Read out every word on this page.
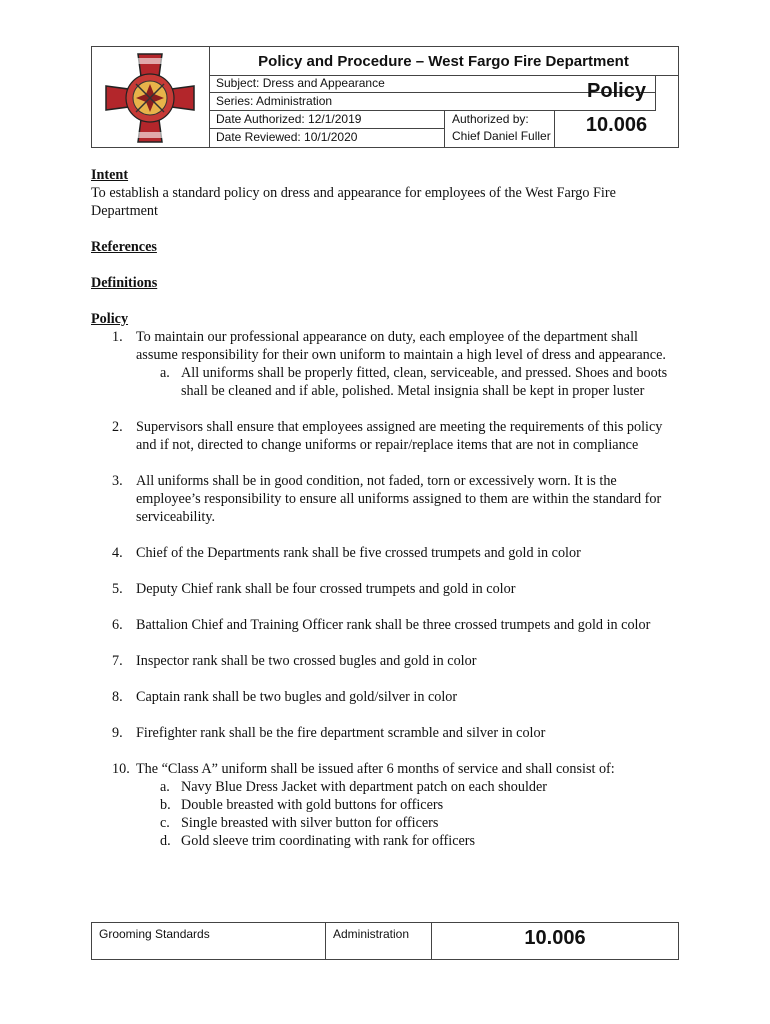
Policy and Procedure – West Fargo Fire Department
Subject: Dress and Appearance
Series: Administration
Date Authorized: 12/1/2019
Date Reviewed: 10/1/2020
Authorized by:
Chief Daniel Fuller
Policy
10.006
Intent
To establish a standard policy on dress and appearance for employees of the West Fargo Fire Department
References
Definitions
Policy
1. To maintain our professional appearance on duty, each employee of the department shall assume responsibility for their own uniform to maintain a high level of dress and appearance.
a. All uniforms shall be properly fitted, clean, serviceable, and pressed. Shoes and boots shall be cleaned and if able, polished. Metal insignia shall be kept in proper luster
2. Supervisors shall ensure that employees assigned are meeting the requirements of this policy and if not, directed to change uniforms or repair/replace items that are not in compliance
3. All uniforms shall be in good condition, not faded, torn or excessively worn. It is the employee’s responsibility to ensure all uniforms assigned to them are within the standard for serviceability.
4. Chief of the Departments rank shall be five crossed trumpets and gold in color
5. Deputy Chief rank shall be four crossed trumpets and gold in color
6. Battalion Chief and Training Officer rank shall be three crossed trumpets and gold in color
7. Inspector rank shall be two crossed bugles and gold in color
8. Captain rank shall be two bugles and gold/silver in color
9. Firefighter rank shall be the fire department scramble and silver in color
10. The “Class A” uniform shall be issued after 6 months of service and shall consist of:
a. Navy Blue Dress Jacket with department patch on each shoulder
b. Double breasted with gold buttons for officers
c. Single breasted with silver button for officers
d. Gold sleeve trim coordinating with rank for officers
Grooming Standards	Administration	10.006
